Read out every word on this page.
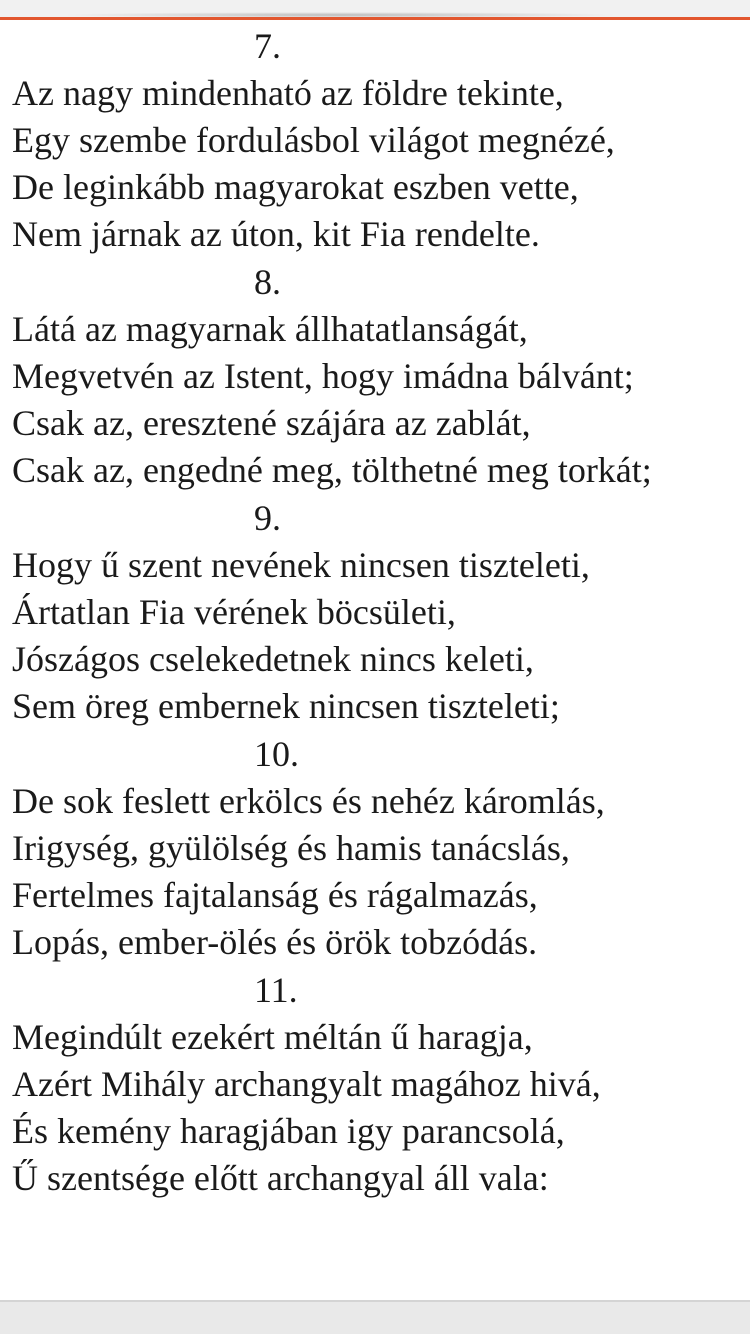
7.
Az nagy mindenható az földre tekinte,
Egy szembe fordulásbol világot megnézé,
De leginkább magyarokat eszben vette,
Nem járnak az úton, kit Fia rendelte.
8.
Látá az magyarnak állhatatlanságát,
Megvetvén az Istent, hogy imádna bálvánt;
Csak az, eresztené szájára az zablát,
Csak az, engedné meg, tölthetné meg torkát;
9.
Hogy ű szent nevének nincsen tiszteleti,
Ártatlan Fia vérének böcsületi,
Jószágos cselekedetnek nincs keleti,
Sem öreg embernek nincsen tiszteleti;
10.
De sok feslett erkölcs és nehéz káromlás,
Irigység, gyülölség és hamis tanácslás,
Fertelmes fajtalanság és rágalmazás,
Lopás, ember-ölés és örök tobzódás.
11.
Megindúlt ezekért méltán ű haragja,
Azért Mihály archangyalt magához hivá,
És kemény haragjában igy parancsolá,
Ű szentsége előtt archangyal áll vala:
